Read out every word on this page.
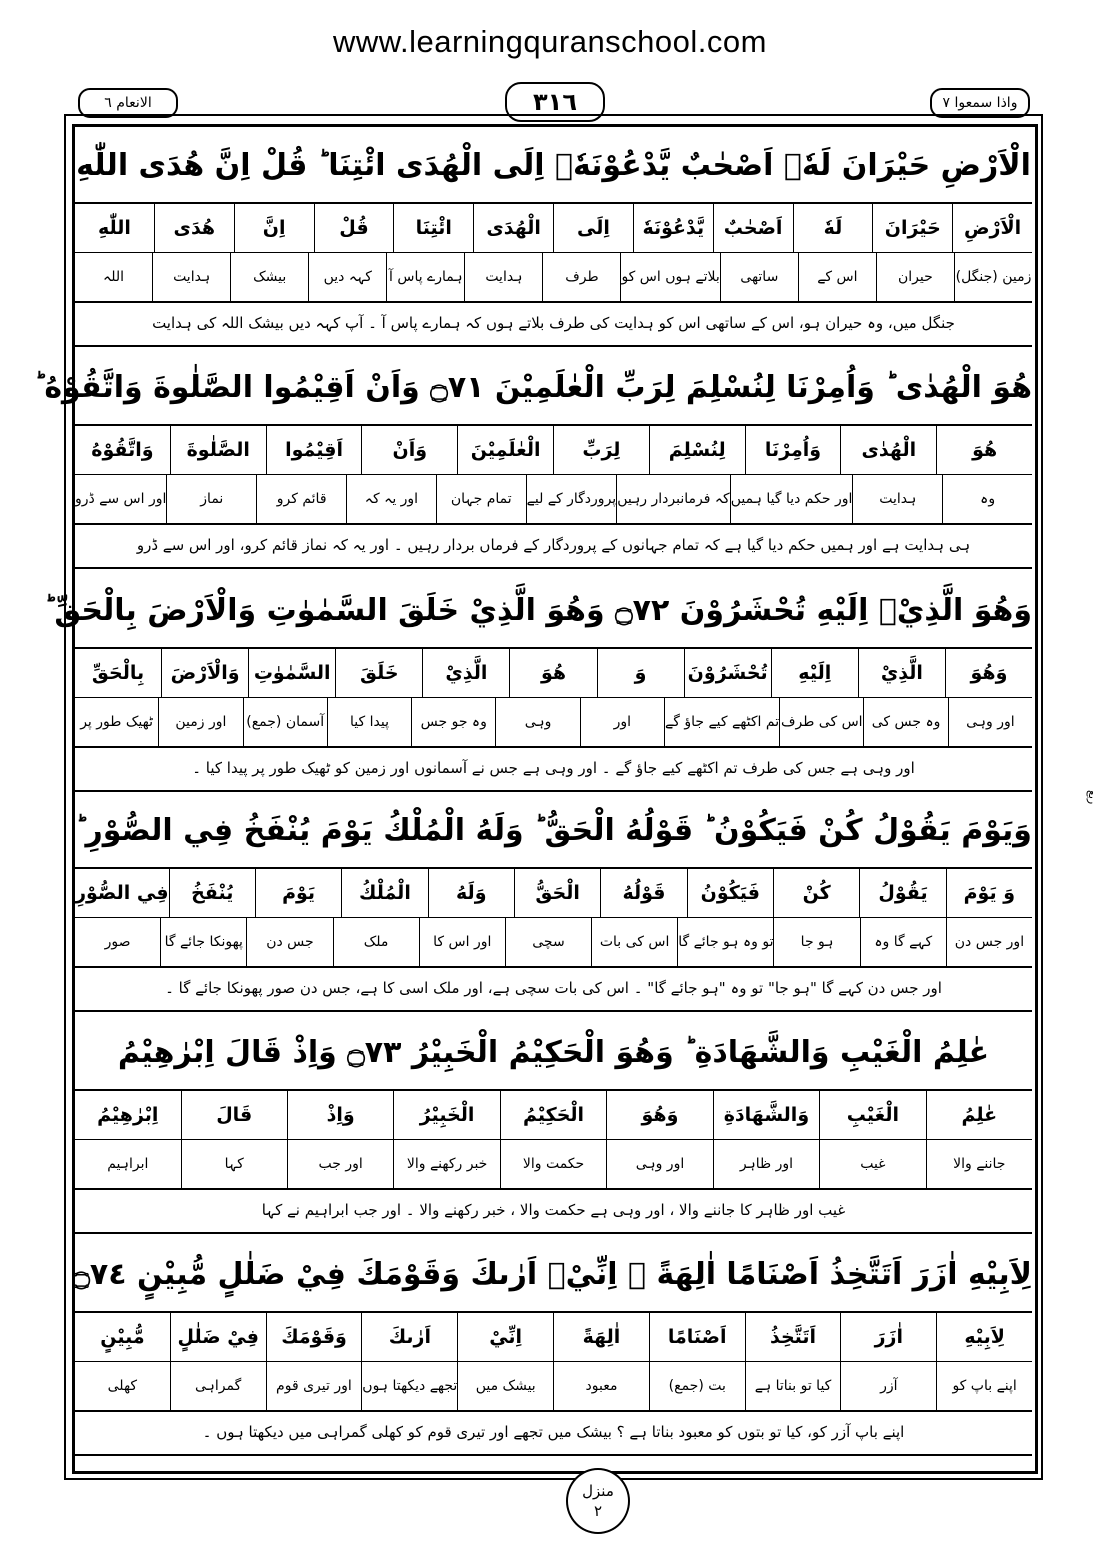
www.learningquranschool.com
الانعام ٦	٣١٦	واذا سمعوا ٧
ربع
الْاَرْضِ حَيْرَانَ لَهٗۤ اَصْحٰبٌ يَّدْعُوْنَهٗۤ اِلَى الْهُدَى ائْتِنَا ؕ قُلْ اِنَّ هُدَى اللّٰهِ
الْاَرْضِ
حَيْرَانَ
لَهٗ
اَصْحٰبٌ
يَّدْعُوْنَهٗ
اِلَى
الْهُدَى
ائْتِنَا
قُلْ
اِنَّ
هُدَى
اللّٰهِ
زمین (جنگل)
حیران
اس کے
ساتھی
بلاتے ہوں اس کو
طرف
ہدایت
ہمارے پاس آ
کہہ دیں
بیشک
ہدایت
اللہ
جنگل میں، وہ حیران ہو، اس کے ساتھی اس کو ہدایت کی طرف بلاتے ہوں کہ ہمارے پاس آ ۔ آپ کہہ دیں بیشک اللہ کی ہدایت
هُوَ الْهُدٰى ؕ وَاُمِرْنَا لِنُسْلِمَ لِرَبِّ الْعٰلَمِيْنَ ۝٧١ وَاَنْ اَقِيْمُوا الصَّلٰوةَ وَاتَّقُوْهُ ؕ
هُوَ
الْهُدٰى
وَاُمِرْنَا
لِنُسْلِمَ
لِرَبِّ
الْعٰلَمِيْنَ
وَاَنْ
اَقِيْمُوا
الصَّلٰوةَ
وَاتَّقُوْهُ
وہ
ہدایت
اور حکم دیا گیا ہمیں
کہ فرمانبردار رہیں
پروردگار کے لیے
تمام جہان
اور یہ کہ
قائم کرو
نماز
اور اس سے ڈرو
ہی ہدایت ہے اور ہمیں حکم دیا گیا ہے کہ تمام جہانوں کے پروردگار کے فرماں بردار رہیں ۔ اور یہ کہ نماز قائم کرو، اور اس سے ڈرو
وَهُوَ الَّذِيْۤ اِلَيْهِ تُحْشَرُوْنَ ۝٧٢ وَهُوَ الَّذِيْ خَلَقَ السَّمٰوٰتِ وَالْاَرْضَ بِالْحَقِّ ؕ
وَهُوَ
الَّذِيْ
اِلَيْهِ
تُحْشَرُوْنَ
وَ
هُوَ
الَّذِيْ
خَلَقَ
السَّمٰوٰتِ
وَالْاَرْضَ
بِالْحَقِّ
اور وہی
وہ جس کی
اس کی طرف
تم اکٹھے کیے جاؤ گے
اور
وہی
وہ جو جس
پیدا کیا
آسمان (جمع)
اور زمین
ٹھیک طور پر
اور وہی ہے جس کی طرف تم اکٹھے کیے جاؤ گے ۔ اور وہی ہے جس نے آسمانوں اور زمین کو ٹھیک طور پر پیدا کیا ۔
وَيَوْمَ يَقُوْلُ كُنْ فَيَكُوْنُ ؕ قَوْلُهُ الْحَقُّ ؕ وَلَهُ الْمُلْكُ يَوْمَ يُنْفَخُ فِي الصُّوْرِ ؕ
وَ يَوْمَ
يَقُوْلُ
كُنْ
فَيَكُوْنُ
قَوْلُهُ
الْحَقُّ
وَلَهُ
الْمُلْكُ
يَوْمَ
يُنْفَخُ
فِي الصُّوْرِ
اور جس دن
کہے گا وہ
ہو جا
تو وہ ہو جائے گا
اس کی بات
سچی
اور اس کا
ملک
جس دن
پھونکا جائے گا
صور
اور جس دن کہے گا "ہو جا" تو وہ "ہو جائے گا" ۔ اس کی بات سچی ہے، اور ملک اسی کا ہے، جس دن صور پھونکا جائے گا ۔
عٰلِمُ الْغَيْبِ وَالشَّهَادَةِ ؕ وَهُوَ الْحَكِيْمُ الْخَبِيْرُ ۝٧٣ وَاِذْ قَالَ اِبْرٰهِيْمُ
عٰلِمُ
الْغَيْبِ
وَالشَّهَادَةِ
وَهُوَ
الْحَكِيْمُ
الْخَبِيْرُ
وَاِذْ
قَالَ
اِبْرٰهِيْمُ
جاننے والا
غیب
اور ظاہر
اور وہی
حکمت والا
خبر رکھنے والا
اور جب
کہا
ابراہیم
غیب اور ظاہر کا جاننے والا ، اور وہی ہے حکمت والا ، خبر رکھنے والا ۔ اور جب ابراہیم نے کہا
لِاَبِيْهِ اٰزَرَ اَتَتَّخِذُ اَصْنَامًا اٰلِهَةً ۚ اِنِّيْۤ اَرٰىكَ وَقَوْمَكَ فِيْ ضَلٰلٍ مُّبِيْنٍ ۝٧٤
لِاَبِيْهِ
اٰزَرَ
اَتَتَّخِذُ
اَصْنَامًا
اٰلِهَةً
اِنِّيْ
اَرٰىكَ
وَقَوْمَكَ
فِيْ ضَلٰلٍ
مُّبِيْنٍ
اپنے باپ کو
آزر
کیا تو بناتا ہے
بت (جمع)
معبود
بیشک میں
تجھے دیکھتا ہوں
اور تیری قوم
گمراہی
کھلی
اپنے باپ آزر کو، کیا تو بتوں کو معبود بناتا ہے ؟ بیشک میں تجھے اور تیری قوم کو کھلی گمراہی میں دیکھتا ہوں ۔
منزل
٢
